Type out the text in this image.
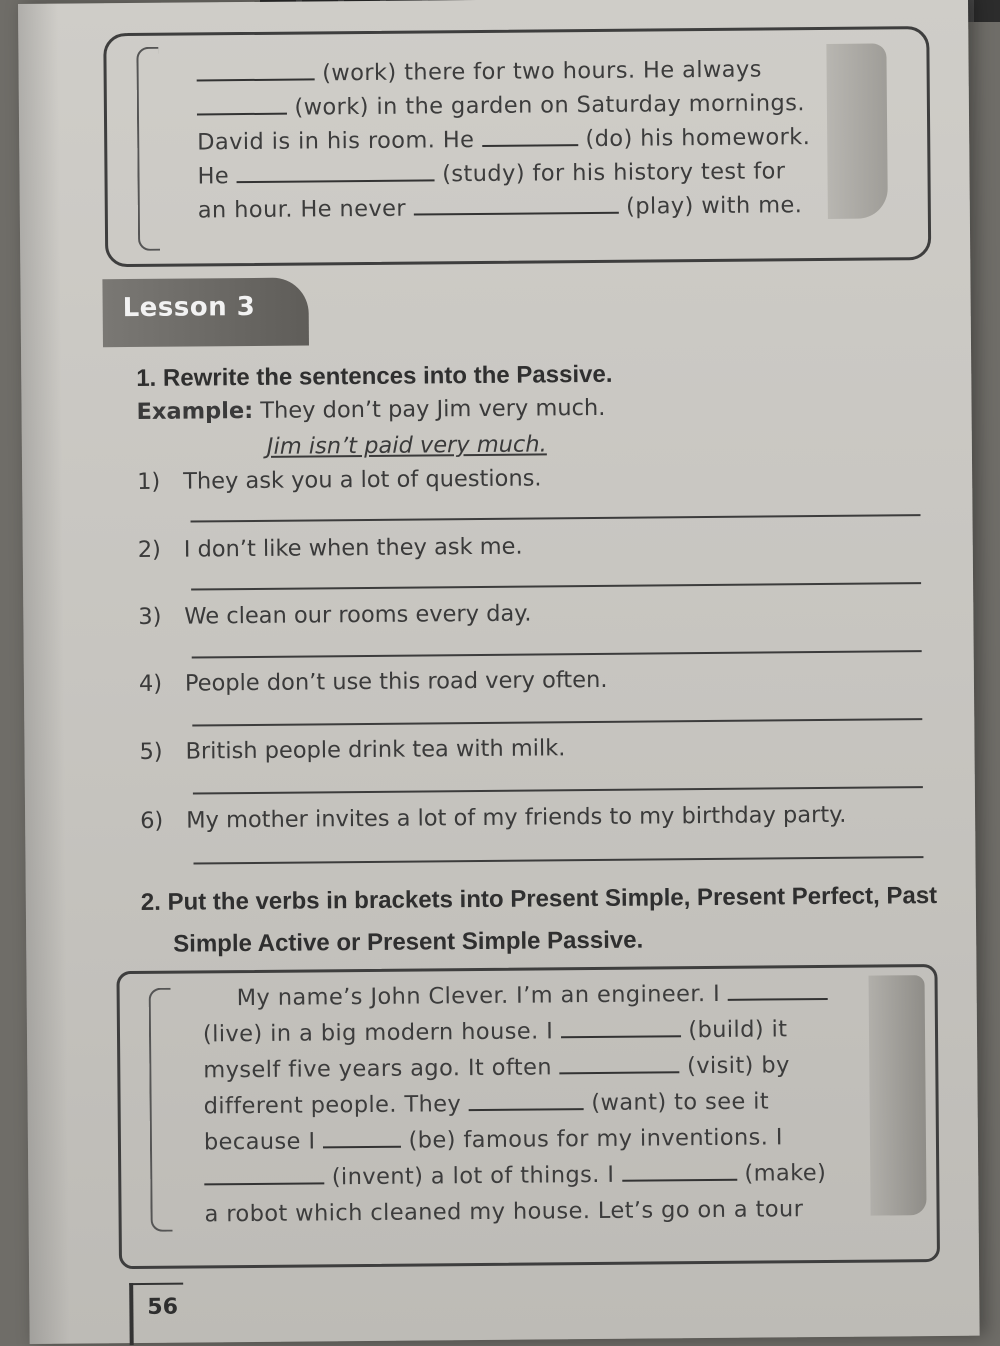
(work) there for two hours. He always

(work) in the garden on Saturday mornings.

David is in his room. He	(do) his homework.

He	(study) for his history test for

an hour. He never	(play) with me.

Lesson 3
1. Rewrite the sentences into the Passive.
Example: They don’t pay Jim very much.
Jim isn’t paid very much.
1) They ask you a lot of questions.
2) I don’t like when they ask me.
3) We clean our rooms every day.
4) People don’t use this road very often.
5) British people drink tea with milk.
6) My mother invites a lot of my friends to my birthday party.
2. Put the verbs in brackets into Present Simple, Present Perfect, Past
Simple Active or Present Simple Passive.

My name’s John Clever. I’m an engineer. I

(live) in a big modern house. I	(build) it

myself five years ago. It often	(visit) by

different people. They	(want) to see it

because I	(be) famous for my inventions. I

(invent) a lot of things. I	(make)

a robot which cleaned my house. Let’s go on a tour

56
